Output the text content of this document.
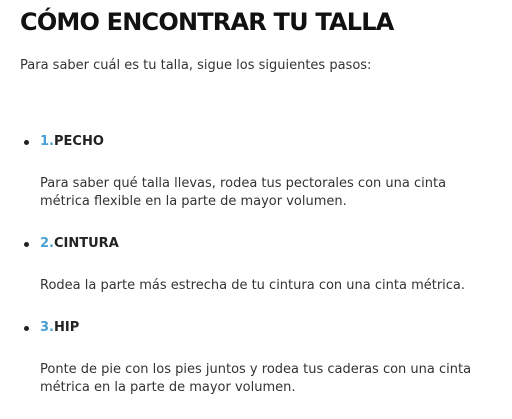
CÓMO ENCONTRAR TU TALLA

Para saber cuál es tu talla, sigue los siguientes pasos:

1. PECHO

Para saber qué talla llevas, rodea tus pectorales con una cinta métrica flexible en la parte de mayor volumen.

2. CINTURA

Rodea la parte más estrecha de tu cintura con una cinta métrica.

3. HIP

Ponte de pie con los pies juntos y rodea tus caderas con una cinta métrica en la parte de mayor volumen.
